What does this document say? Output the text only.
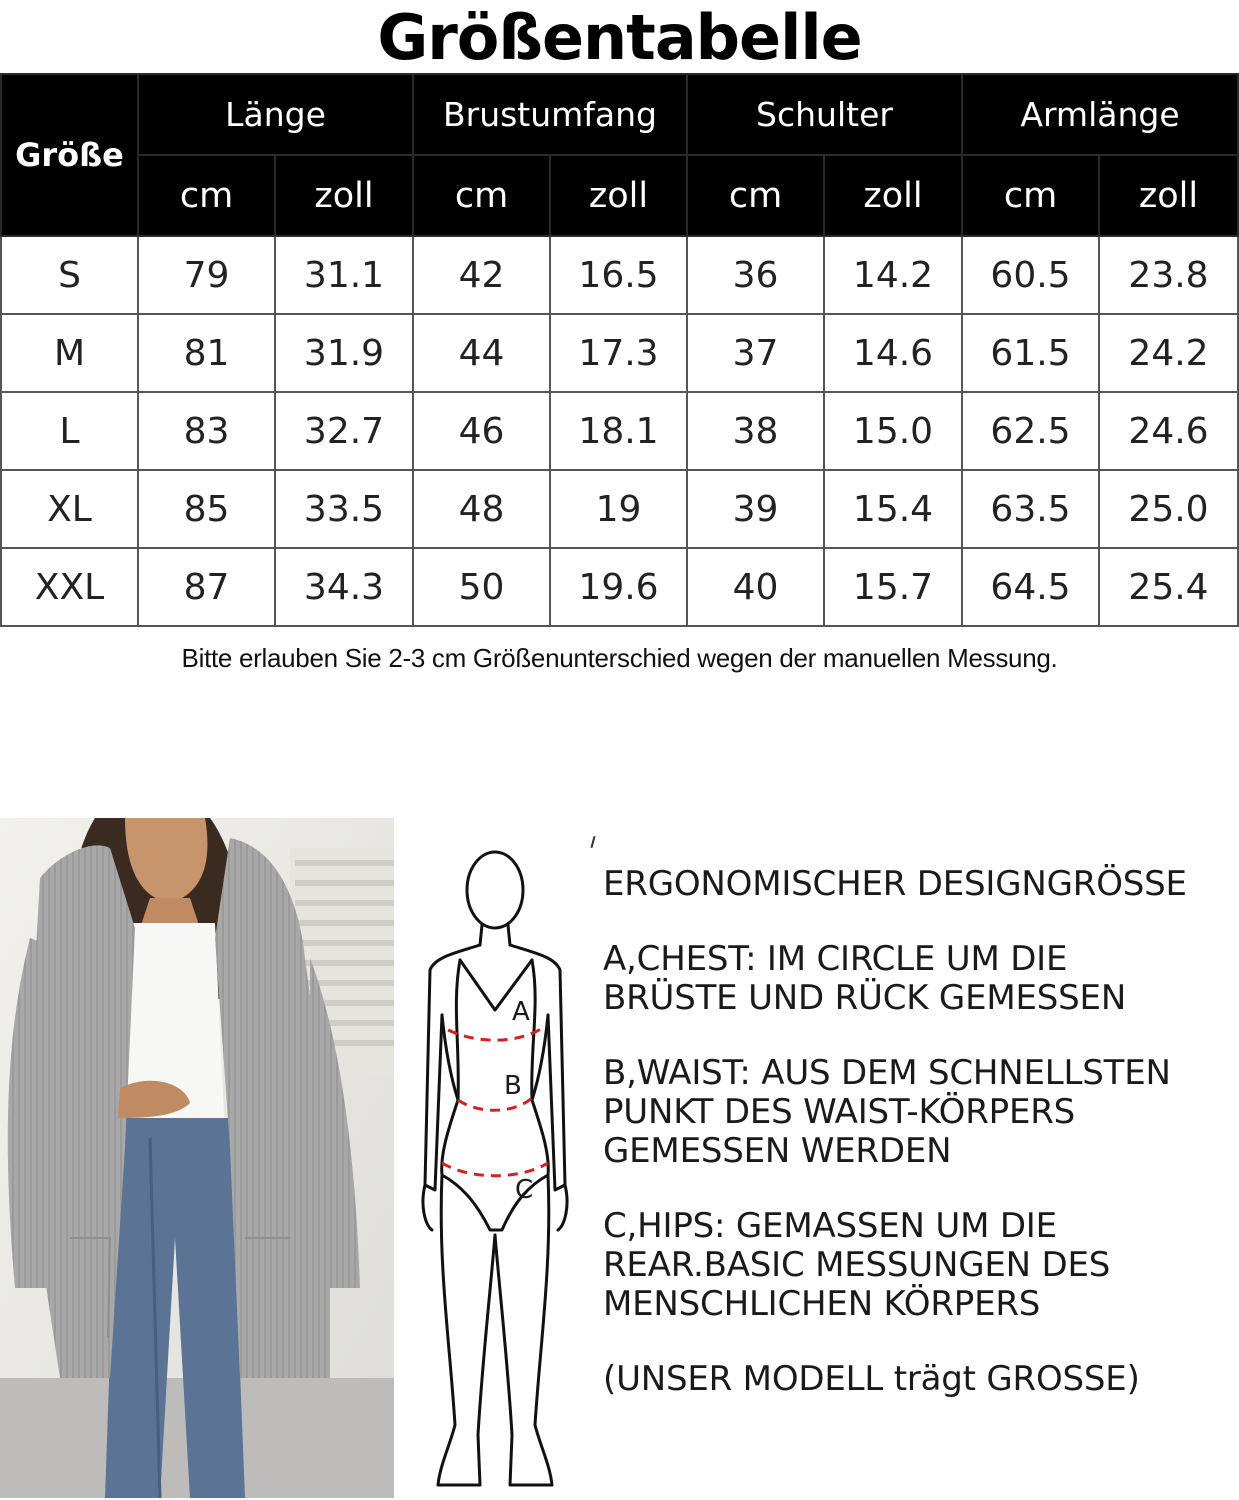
Größentabelle
Größe	Länge		Brustumfang		Schulter		Armlänge	
	cm	zoll	cm	zoll	cm	zoll	cm	zoll
S	79	31.1	42	16.5	36	14.2	60.5	23.8
M	81	31.9	44	17.3	37	14.6	61.5	24.2
L	83	32.7	46	18.1	38	15.0	62.5	24.6
XL	85	33.5	48	19	39	15.4	63.5	25.0
XXL	87	34.3	50	19.6	40	15.7	64.5	25.4
Bitte erlauben Sie 2-3 cm Größenunterschied wegen der manuellen Messung.
A
B
C

ERGONOMISCHER DESIGNGRÖSSE

A,CHEST: IM CIRCLE UM DIE
BRÜSTE UND RÜCK GEMESSEN

B,WAIST: AUS DEM SCHNELLSTEN
PUNKT DES WAIST-KÖRPERS
GEMESSEN WERDEN

C,HIPS: GEMASSEN UM DIE
REAR.BASIC MESSUNGEN DES
MENSCHLICHEN KÖRPERS

(UNSER MODELL trägt GROSSE)
